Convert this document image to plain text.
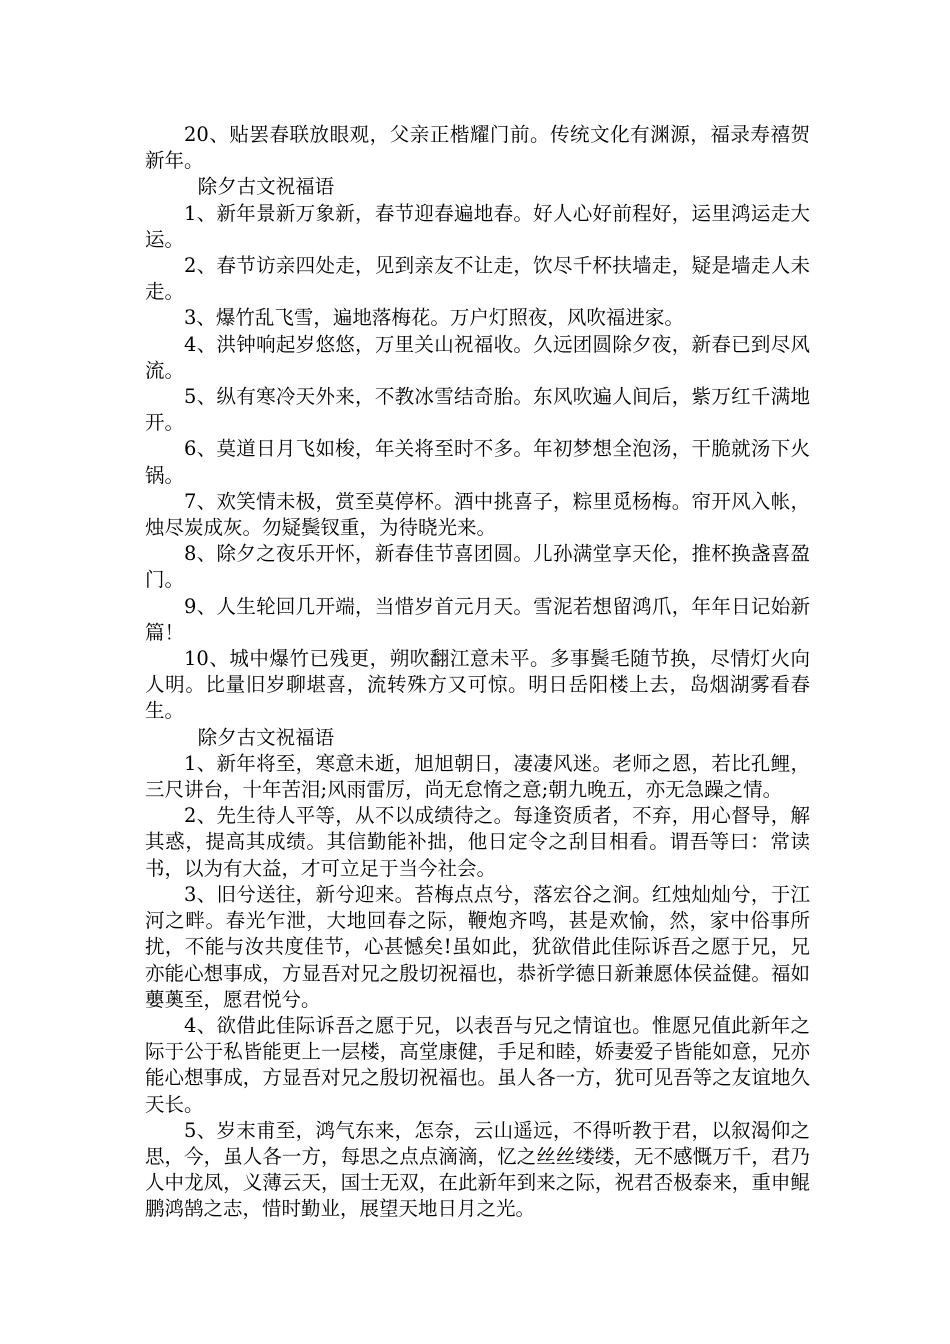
20、贴罢春联放眼观，父亲正楷耀门前。传统文化有渊源，福录寿禧贺新年。

除夕古文祝福语

1、新年景新万象新，春节迎春遍地春。好人心好前程好，运里鸿运走大运。

2、春节访亲四处走，见到亲友不让走，饮尽千杯扶墙走，疑是墙走人未走。

3、爆竹乱飞雪，遍地落梅花。万户灯照夜，风吹福进家。

4、洪钟响起岁悠悠，万里关山祝福收。久远团圆除夕夜，新春已到尽风流。

5、纵有寒冷天外来，不教冰雪结奇胎。东风吹遍人间后，紫万红千满地开。

6、莫道日月飞如梭，年关将至时不多。年初梦想全泡汤，干脆就汤下火锅。

7、欢笑情未极，赏至莫停杯。酒中挑喜子，粽里觅杨梅。帘开风入帐，烛尽炭成灰。勿疑鬓钗重，为待晓光来。

8、除夕之夜乐开怀，新春佳节喜团圆。儿孙满堂享天伦，推杯换盏喜盈门。

9、人生轮回几开端，当惜岁首元月天。雪泥若想留鸿爪，年年日记始新篇！

10、城中爆竹已残更，朔吹翻江意未平。多事鬓毛随节换，尽情灯火向人明。比量旧岁聊堪喜，流转殊方又可惊。明日岳阳楼上去，岛烟湖雾看春生。

除夕古文祝福语

1、新年将至，寒意未逝，旭旭朝日，凄凄风迷。老师之恩，若比孔鲤，三尺讲台，十年苦泪;风雨雷厉，尚无怠惰之意;朝九晚五，亦无急躁之情。

2、先生待人平等，从不以成绩待之。每逢资质者，不弃，用心督导，解其惑，提高其成绩。其信勤能补拙，他日定令之刮目相看。谓吾等曰：常读书，以为有大益，才可立足于当今社会。

3、旧兮送往，新兮迎来。苔梅点点兮，落宏谷之涧。红烛灿灿兮，于江河之畔。春光乍泄，大地回春之际，鞭炮齐鸣，甚是欢愉，然，家中俗事所扰，不能与汝共度佳节，心甚憾矣!虽如此，犹欲借此佳际诉吾之愿于兄，兄亦能心想事成，方显吾对兄之殷切祝福也，恭祈学德日新兼愿体侯益健。福如蘡薁至，愿君悦兮。

4、欲借此佳际诉吾之愿于兄，以表吾与兄之情谊也。惟愿兄值此新年之际于公于私皆能更上一层楼，高堂康健，手足和睦，娇妻爱子皆能如意，兄亦能心想事成，方显吾对兄之殷切祝福也。虽人各一方，犹可见吾等之友谊地久天长。

5、岁末甫至，鸿气东来，怎奈，云山遥远，不得听教于君，以叙渴仰之思，今，虽人各一方，每思之点点滴滴，忆之丝丝缕缕，无不感慨万千，君乃人中龙凤，义薄云天，国士无双，在此新年到来之际，祝君否极泰来，重申鲲鹏鸿鹄之志，惜时勤业，展望天地日月之光。
